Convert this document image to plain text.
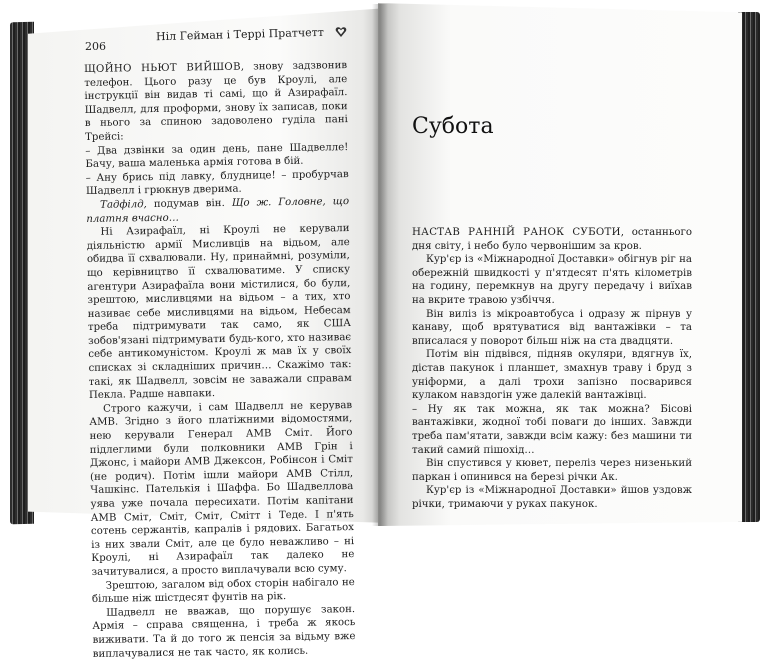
206
Ніл Гейман і Террі Пратчетт

ЩОЙНО НЬЮТ ВИЙШОВ, знову задзвонив телефон. Цього разу це був Кроулі, але інструкції він видав ті самі, що й Азирафаїл. Шадвелл, для проформи, знову їх записав, поки в нього за спиною задоволено гуділа пані Трейсі:

– Два дзвінки за один день, пане Шадвелле! Бачу, ваша маленька армія готова в бій.

– Ану брись під лавку, блуднице! – пробурчав Шадвелл і грюкнув дверима.

Тадфілд, подумав він. Що ж. Головне, що платня вчасно…

Ні Азирафаїл, ні Кроулі не керували діяльністю армії Мисливців на відьом, але обидва її схвалювали. Ну, принаймні, розуміли, що керівництво її схвалюватиме. У списку агентури Азирафаїла вони містилися, бо були, зрештою, мисливцями на відьом – а тих, хто називає себе мисливцями на відьом, Небесам треба підтримувати так само, як США зобов'язані підтримувати будь-кого, хто називає себе антикомуністом. Кроулі ж мав їх у своїх списках зі складніших причин… Скажімо так: такі, як Шадвелл, зовсім не заважали справам Пекла. Радше навпаки.

Строго кажучи, і сам Шадвелл не керував АМВ. Згідно з його платіжними відомостями, нею керували Генерал АМВ Сміт. Його підлеглими були полковники АМВ Грін і Джонс, і майори АМВ Джексон, Робінсон і Сміт (не родич). Потім ішли майори АМВ Стілл, Чашкінс. Пателькія і Шаффа. Бо Шадвеллова уява уже почала пересихати. Потім капітани АМВ Сміт, Сміт, Сміт, Смітт і Теде. І п'ять сотень сержантів, капралів і рядових. Багатьох із них звали Сміт, але це було неважливо – ні Кроулі, ні Азирафаїл так далеко не зачитувалися, а просто виплачували всю суму.

Зрештою, загалом від обох сторін набігало не більше ніж шістдесят фунтів на рік.

Шадвелл не вважав, що порушує закон. Армія – справа священна, і треба ж якось виживати. Та й до того ж пенсія за відьму вже виплачувалися не так часто, як колись.

Субота

НАСТАВ РАННІЙ РАНОК СУБОТИ, останнього дня світу, і небо було червонішим за кров.

Кур'єр із «Міжнародної Доставки» обігнув ріг на обережній швидкості у п'ятдесят п'ять кілометрів на годину, перемкнув на другу передачу і виїхав на вкрите травою узбіччя.

Він виліз із мікроавтобуса і одразу ж пірнув у канаву, щоб врятуватися від вантажівки – та вписалася у поворот більш ніж на ста двадцяти.

Потім він підвівся, підняв окуляри, вдягнув їх, дістав пакунок і планшет, змахнув траву і бруд з уніформи, а далі трохи запізно посварився кулаком навздогін уже далекій вантажівці.

– Ну як так можна, як так можна? Бісові вантажівки, жодної тобі поваги до інших. Завжди треба пам'ятати, завжди всім кажу: без машини ти такий самий пішохід…

Він спустився у кювет, переліз через низенький паркан і опинився на березі річки Ак.

Кур'єр із «Міжнародної Доставки» йшов уздовж річки, тримаючи у руках пакунок.
